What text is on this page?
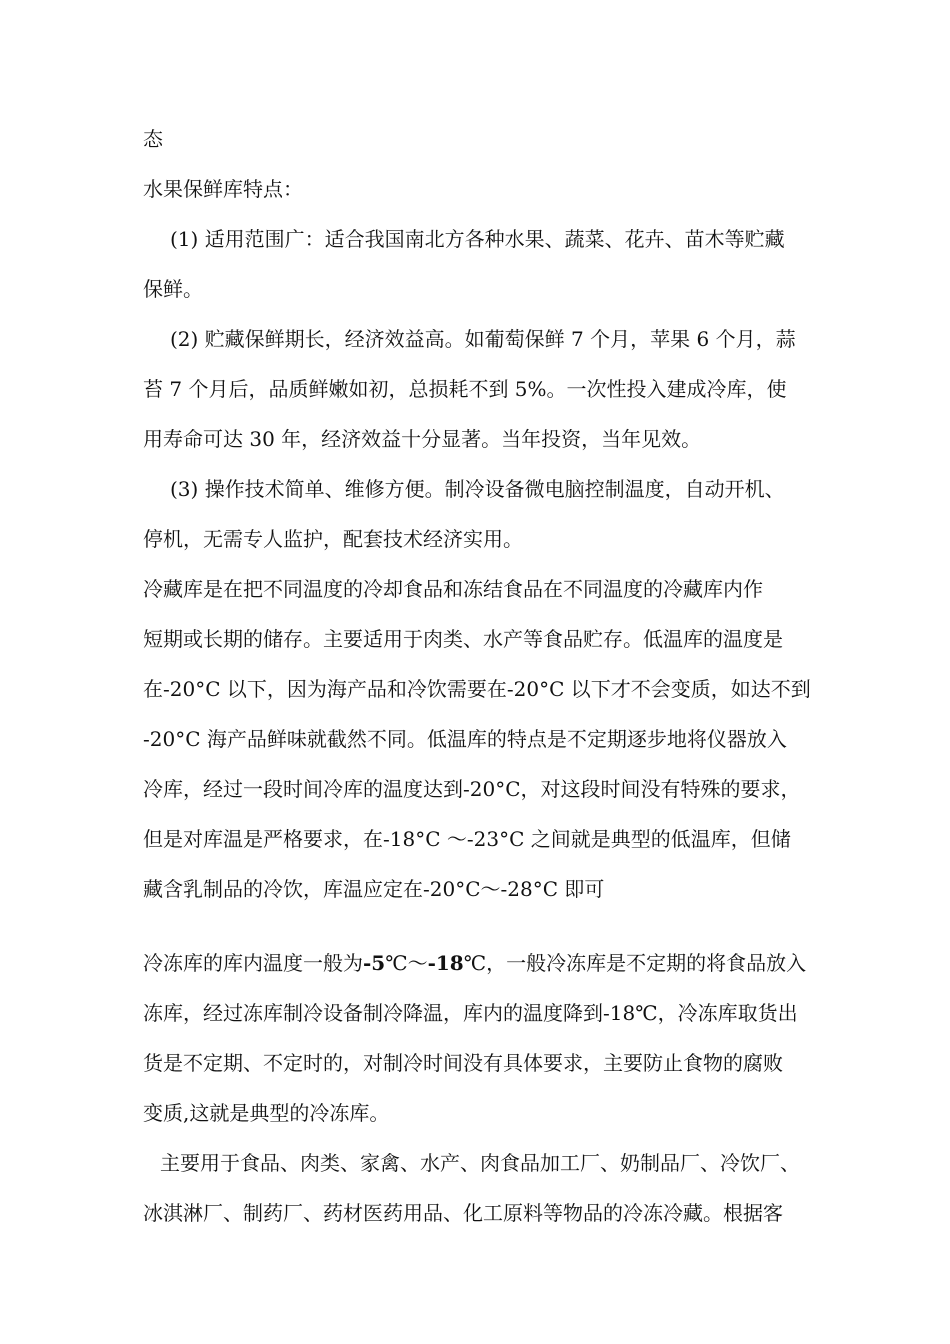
态
水果保鲜库特点：
(1) 适用范围广：适合我国南北方各种水果、蔬菜、花卉、苗木等贮藏
保鲜。
(2) 贮藏保鲜期长，经济效益高。如葡萄保鲜 7 个月，苹果 6 个月，蒜
苔 7 个月后，品质鲜嫩如初，总损耗不到 5%。一次性投入建成冷库，使
用寿命可达 30 年，经济效益十分显著。当年投资，当年见效。
(3) 操作技术简单、维修方便。制冷设备微电脑控制温度，自动开机、
停机，无需专人监护，配套技术经济实用。
冷藏库是在把不同温度的冷却食品和冻结食品在不同温度的冷藏库内作
短期或长期的储存。主要适用于肉类、水产等食品贮存。低温库的温度是
在-20°C 以下，因为海产品和冷饮需要在-20°C 以下才不会变质，如达不到
-20°C 海产品鲜味就截然不同。低温库的特点是不定期逐步地将仪器放入
冷库，经过一段时间冷库的温度达到-20°C，对这段时间没有特殊的要求，
但是对库温是严格要求，在-18°C ～-23°C 之间就是典型的低温库，但储
藏含乳制品的冷饮，库温应定在-20°C～-28°C 即可
冷冻库的库内温度一般为-5℃～-18℃，一般冷冻库是不定期的将食品放入
冻库，经过冻库制冷设备制冷降温，库内的温度降到-18℃，冷冻库取货出
货是不定期、不定时的，对制冷时间没有具体要求，主要防止食物的腐败
变质,这就是典型的冷冻库。
主要用于食品、肉类、家禽、水产、肉食品加工厂、奶制品厂、冷饮厂、
冰淇淋厂、制药厂、药材医药用品、化工原料等物品的冷冻冷藏。根据客
